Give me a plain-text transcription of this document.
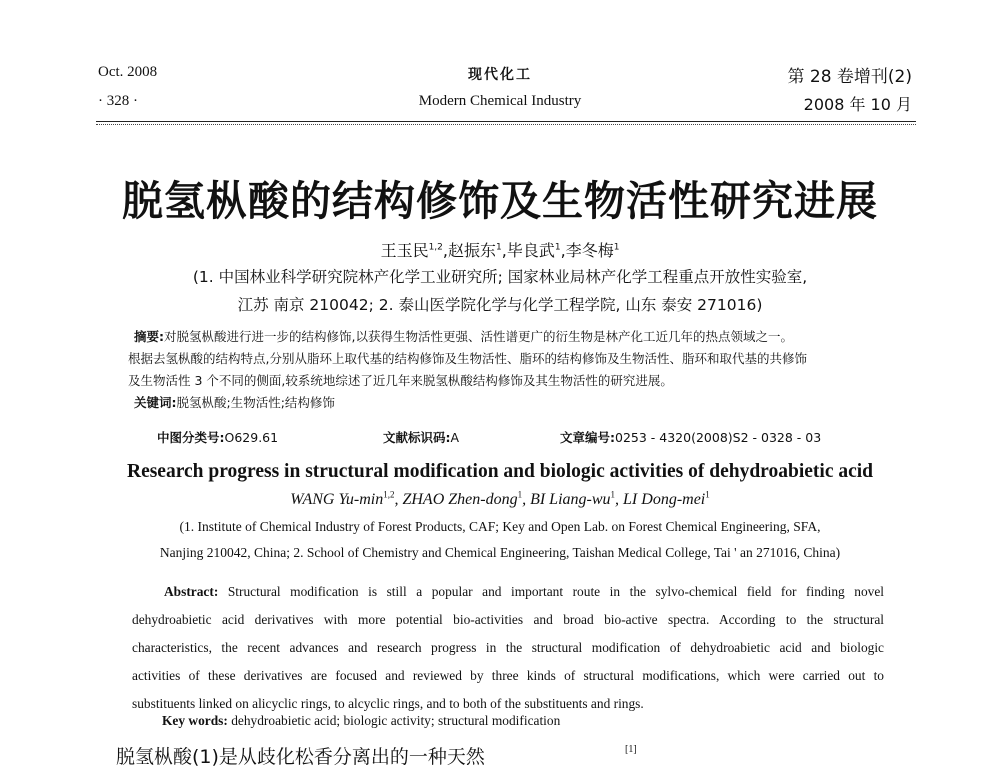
Oct. 2008
· 328 ·
现代化工
Modern Chemical Industry
第 28 卷增刊(2)
2008 年 10 月
脱氢枞酸的结构修饰及生物活性研究进展
王玉民$^{1,2}$,赵振东$^1$,毕良武$^1$,李冬梅$^1$
(1. 中国林业科学研究院林产化学工业研究所; 国家林业局林产化学工程重点开放性实验室,
江苏 南京 210042; 2. 泰山医学院化学与化学工程学院, 山东 泰安 271016)
摘要:对脱氢枞酸进行进一步的结构修饰,以获得生物活性更强、活性谱更广的衍生物是林产化工近几年的热点领域之一。
根据去氢枞酸的结构特点,分别从脂环上取代基的结构修饰及生物活性、脂环的结构修饰及生物活性、脂环和取代基的共修饰
及生物活性 3 个不同的侧面,较系统地综述了近几年来脱氢枞酸结构修饰及其生物活性的研究进展。
关键词:脱氢枞酸;生物活性;结构修饰
中图分类号:O629.61	文献标识码:A	文章编号:0253 - 4320(2008)S2 - 0328 - 03
Research progress in structural modification and biologic activities of dehydroabietic acid
WANG $Yu-\min^{1,2}$, ZHAO Zhen-dong$^1$, BI Liang-$wu^1$, LI Dong-mei$^1$
(1. Institute of Chemical Industry of Forest Products, CAF; Key and Open Lab. on Forest Chemical Engineering, SFA,
Nanjing 210042, China; 2. School of Chemistry and Chemical Engineering, Taishan Medical College, Tai ' an 271016, China)
Abstract: Structural modification is still a popular and important route in the sylvo-chemical field for finding novel
dehydroabietic acid derivatives with more potential bio-activities and broad bio-active spectra. According to the structural
characteristics, the recent advances and research progress in the structural modification of dehydroabietic acid and biologic
activities of these derivatives are focused and reviewed by three kinds of structural modifications, which were carried out to
substituents linked on alicyclic rings, to alcyclic rings, and to both of the substituents and rings.
Key words: dehydroabietic acid; biologic activity; structural modification
脱氢枞酸(1)是从歧化松香分离出的一种天然	[1]
